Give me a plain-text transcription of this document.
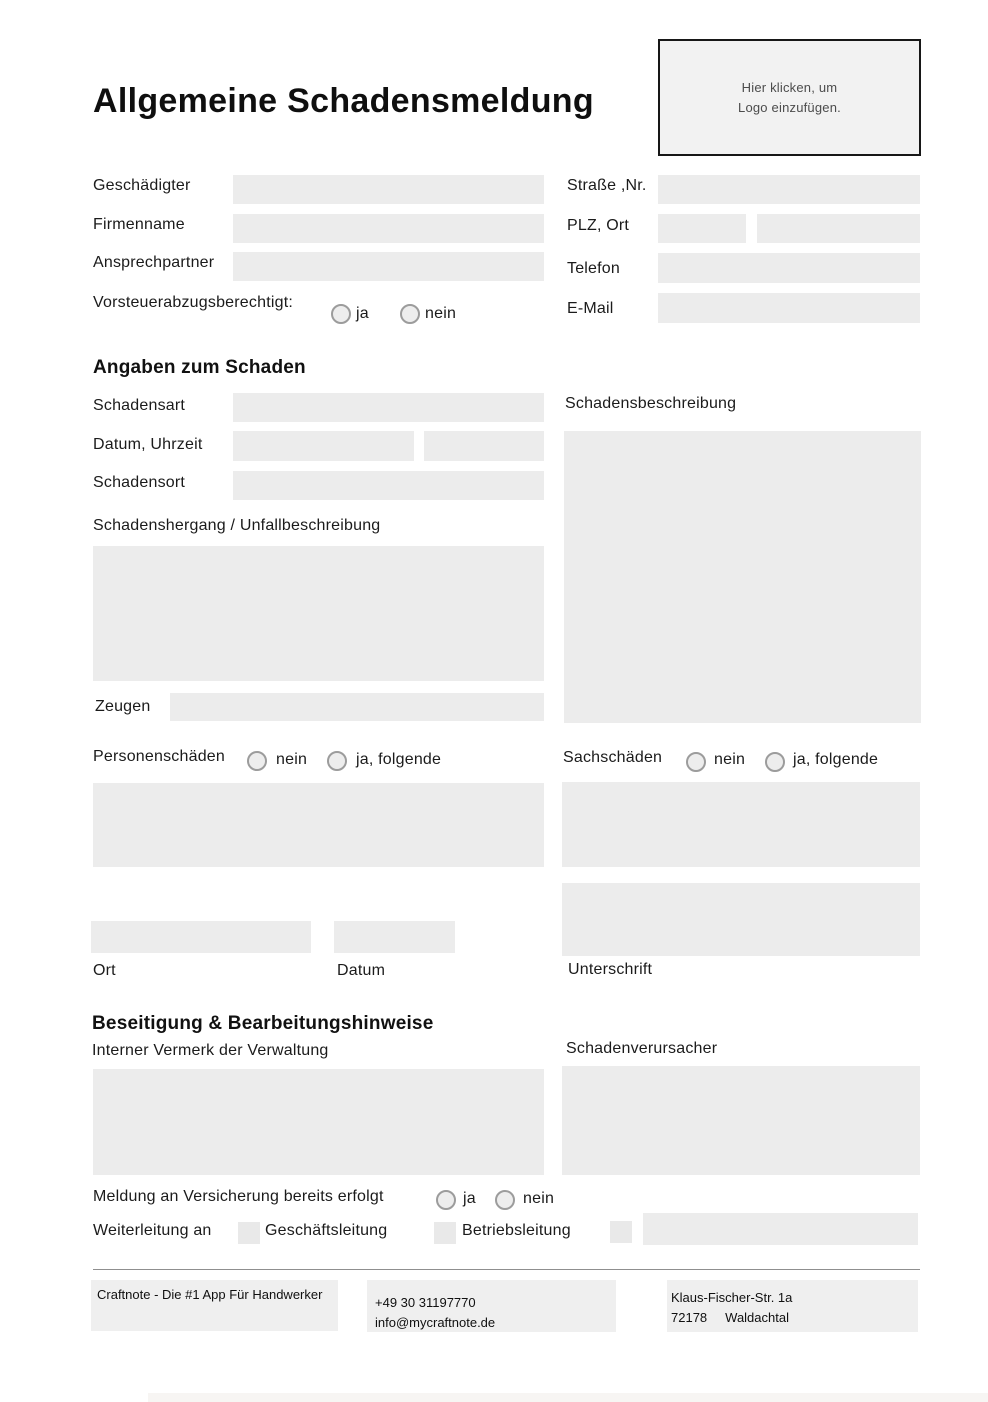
Allgemeine Schadensmeldung	Hier klicken, um
Logo einzufügen.
Geschädigter
Firmenname
Ansprechpartner
Vorsteuerabzugsberechtigt:
ja	nein
Straße ,Nr.
PLZ, Ort
Telefon
E-Mail
Angaben zum Schaden
Schadensart
Datum, Uhrzeit
Schadensort
Schadenshergang / Unfallbeschreibung
Zeugen
Schadensbeschreibung
Personenschäden	nein	ja, folgende	Sachschäden	nein	ja, folgende
Ort	Datum	Unterschrift
Beseitigung & Bearbeitungshinweise
Interner Vermerk der Verwaltung	Schadenverursacher
Meldung an Versicherung bereits erfolgt	ja	nein
Weiterleitung an	Geschäftsleitung	Betriebsleitung
Craftnote - Die #1 App Für Handwerker
+49 30 31197770
info@mycraftnote.de
Klaus-Fischer-Str. 1a
72178 Waldachtal
